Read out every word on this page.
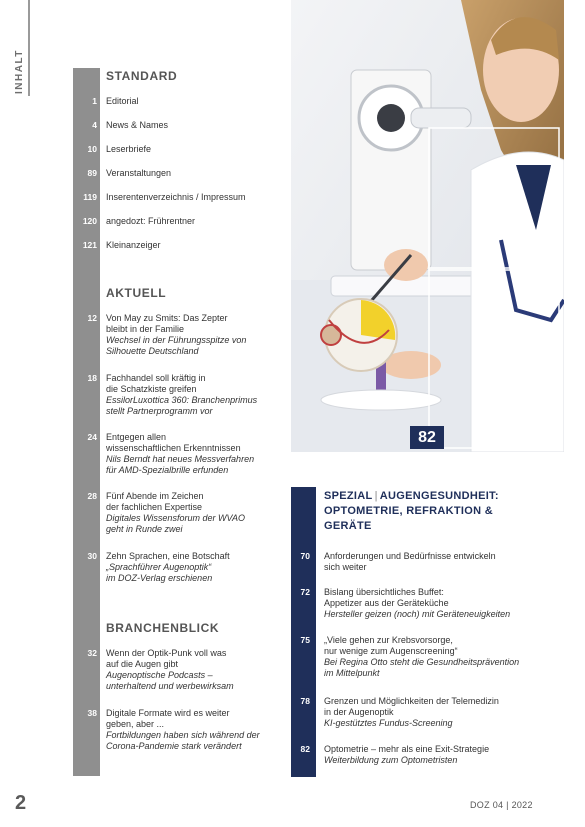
INHALT	STANDARD
1 Editorial
4 News & Names
10 Leserbriefe
89 Veranstaltungen
119 Inserentenverzeichnis / Impressum
120 angedozt: Frührentner
121 Kleinanzeiger
AKTUELL
12 Von May zu Smits: Das Zepter
bleibt in der Familie
Wechsel in der Führungsspitze von
Silhouette Deutschland
18 Fachhandel soll kräftig in
die Schatzkiste greifen
EssilorLuxottica 360: Branchenprimus
stellt Partnerprogramm vor
24 Entgegen allen
wissenschaftlichen Erkenntnissen
Nils Berndt hat neues Messverfahren
für AMD-Spezialbrille erfunden
28 Fünf Abende im Zeichen
der fachlichen Expertise
Digitales Wissensforum der WVAO
geht in Runde zwei
30 Zehn Sprachen, eine Botschaft
„Sprachführer Augenoptik“
im DOZ-Verlag erschienen
BRANCHENBLICK
32 Wenn der Optik-Punk voll was
auf die Augen gibt
Augenoptische Podcasts –
unterhaltend und werbewirksam
38 Digitale Formate wird es weiter
geben, aber ...
Fortbildungen haben sich während der
Corona-Pandemie stark verändert
82
SPEZIAL | AUGENGESUNDHEIT:
OPTOMETRIE, REFRAKTION &
GERÄTE
70 Anforderungen und Bedürfnisse entwickeln
sich weiter
72 Bislang übersichtliches Buffet:
Appetizer aus der Geräteküche
Hersteller geizen (noch) mit Geräteneuigkeiten
75 „Viele gehen zur Krebsvorsorge,
nur wenige zum Augenscreening“
Bei Regina Otto steht die Gesundheitsprävention
im Mittelpunkt
78 Grenzen und Möglichkeiten der Telemedizin
in der Augenoptik
KI-gestütztes Fundus-Screening
82 Optometrie – mehr als eine Exit-Strategie
Weiterbildung zum Optometristen
2	DOZ 04 | 2022
